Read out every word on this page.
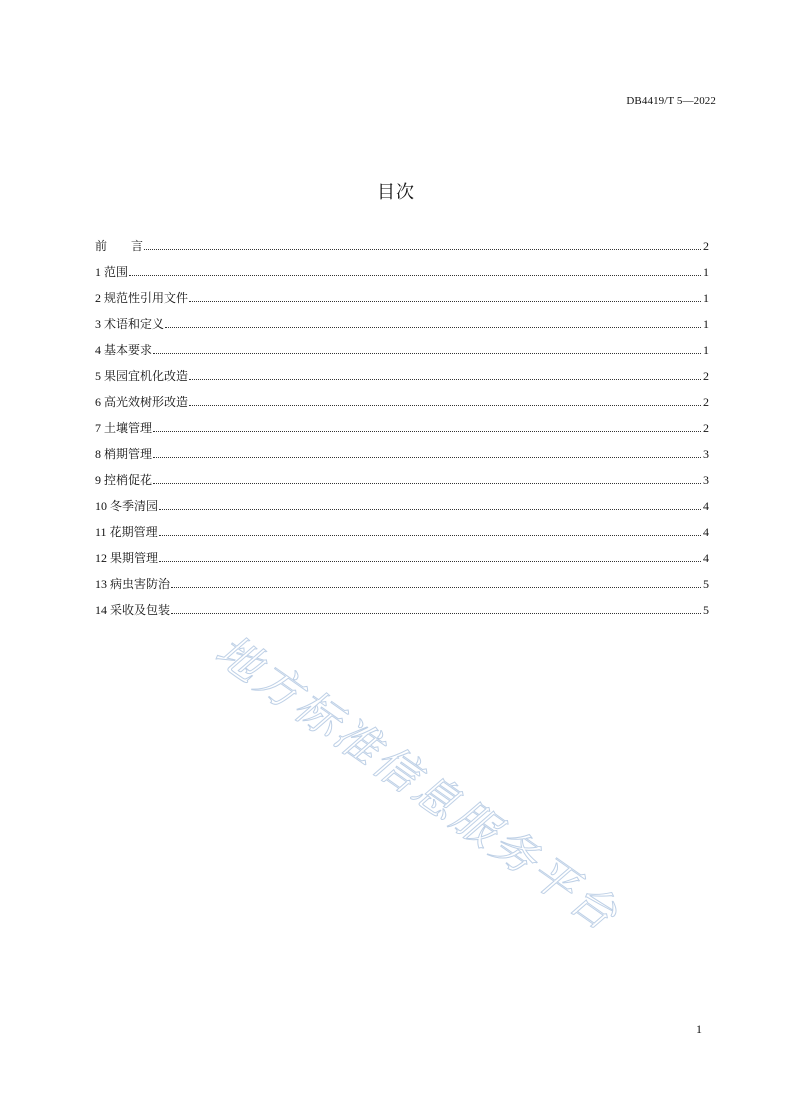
DB4419/T 5—2022
目次
前　　言	2
1 范围	1
2 规范性引用文件	1
3 术语和定义	1
4 基本要求	1
5 果园宜机化改造	2
6 高光效树形改造	2
7 土壤管理	2
8 梢期管理	3
9 控梢促花	3
10 冬季清园	4
11 花期管理	4
12 果期管理	4
13 病虫害防治	5
14 采收及包装	5
地方标准信息服务平台
1
